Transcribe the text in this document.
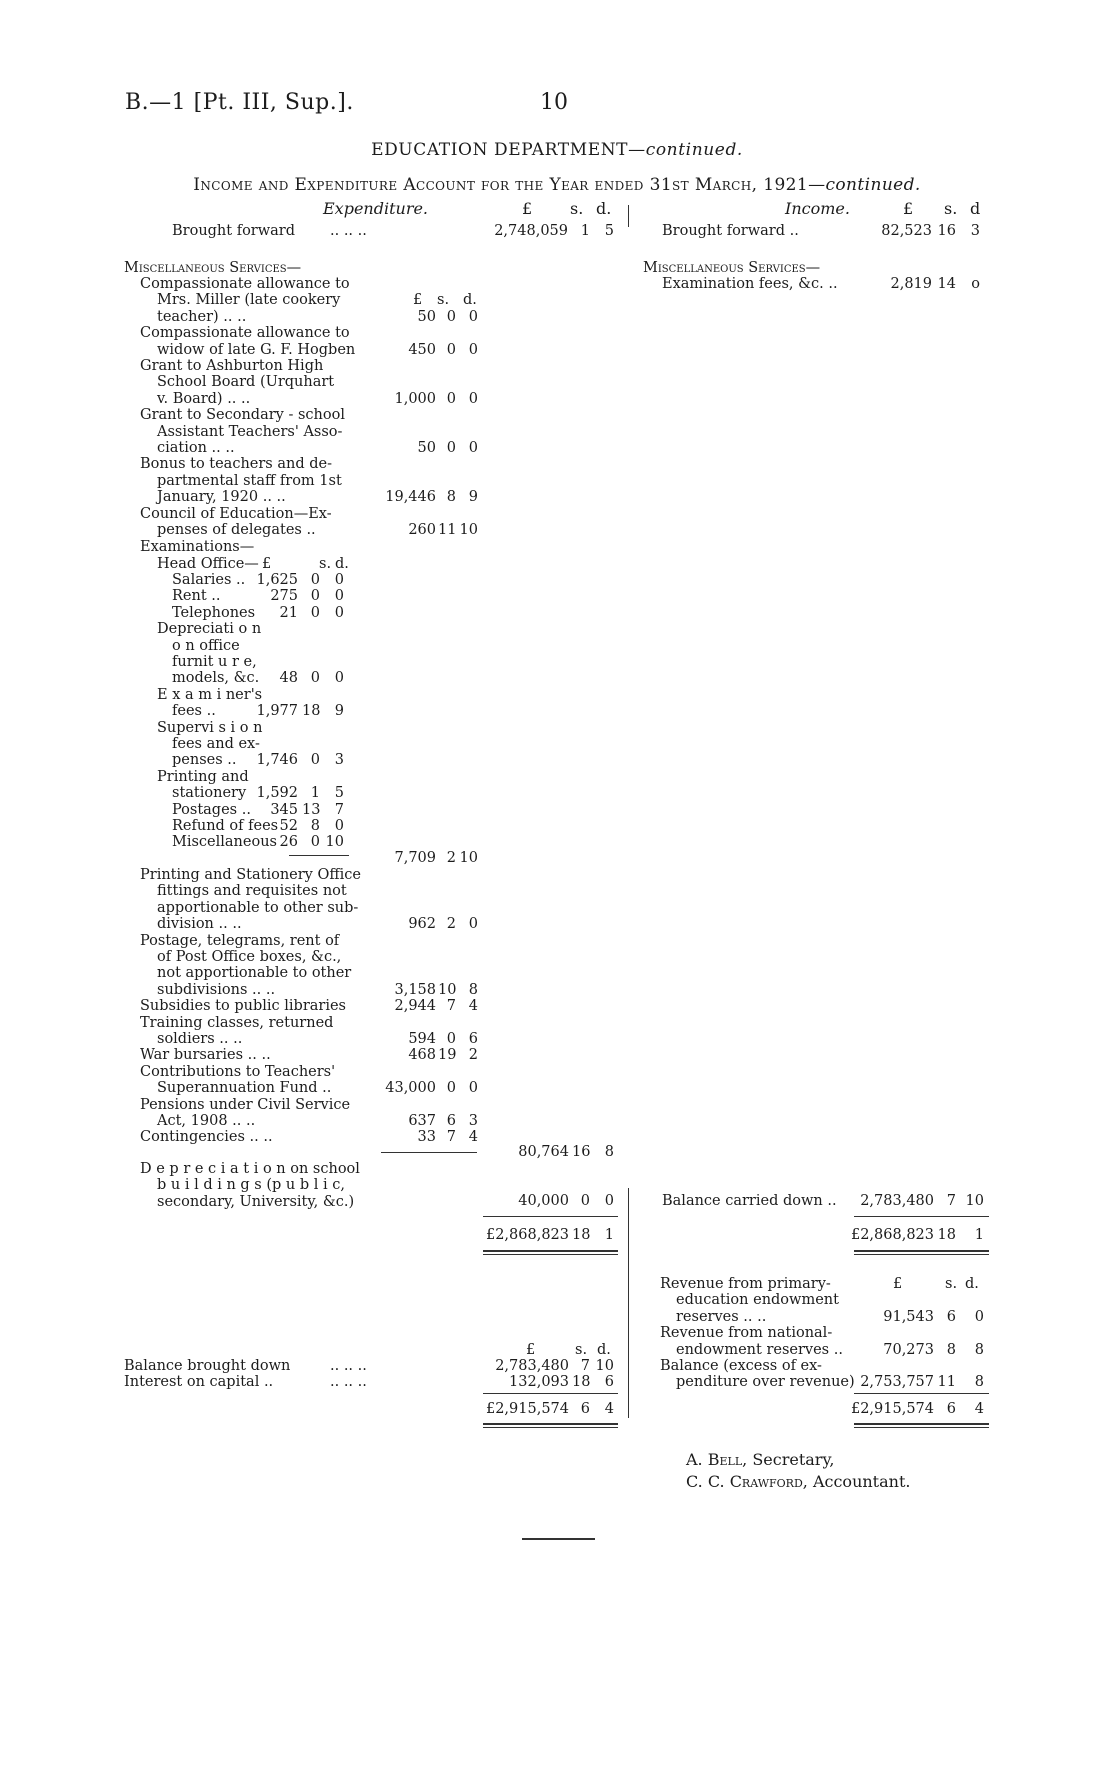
B.—1 [Pt. III, Sup.].	10
EDUCATION DEPARTMENT—continued.
Income and Expenditure Account for the Year ended 31st March, 1921—continued.
Expenditure.	£ s. d.	Income.	£ s. d
Brought forward .. .. ..	2,748,059 1	5	Brought forward ..	82,523 16	3
Miscellaneous Services—	Miscellaneous Services—
Examination fees, &c. ..	2,819 14	o
£ s. d.
Compassionate allowance to
Mrs. Miller (late cookery
teacher) .. ..	50 0 0
Compassionate allowance to
widow of late G. F. Hogben	450 0 0
Grant to Ashburton High
School Board (Urquhart
v. Board) .. ..	1,000 0 0
Grant to Secondary - school
Assistant Teachers' Asso-
ciation .. ..	50 0 0
Bonus to teachers and de-
partmental staff from 1st
January, 1920 .. ..	19,446 8 9
Council of Education—Ex-
penses of delegates ..	260 11 10
Examinations—
Head Office— £	s. d.
Salaries .. 1,625 0	0
Rent ..	275 0	0
Telephones	21 0	0
Depreciati o n
o n office
furnit u r e,
models, &c.	48 0	0
E x a m i ner's
fees ..	1,977 18 9
Supervi s i o n
fees and ex-
penses ..	1,746 0	3
Printing and
stationery 1,592 1	5
Postages ..	345 13 7
Refund of fees 52 8	0
Miscellaneous 26 0 10
7,709 2 10
Printing and Stationery Office
fittings and requisites not
apportionable to other sub-
division .. ..	962 2 0
Postage, telegrams, rent of
of Post Office boxes, &c.,
not apportionable to other
subdivisions .. ..	3,158 10 8
Subsidies to public libraries	2,944 7 4
Training classes, returned
soldiers .. ..	594 0 6
War bursaries .. ..	468 19 2
Contributions to Teachers'
Superannuation Fund ..	43,000 0 0
Pensions under Civil Service
Act, 1908 .. ..	637 6 3
Contingencies .. ..	33 7 4
80,764 16 8
D e p r e c i a t i o n on school
b u i l d i n g s (p u b l i c,
secondary, University, &c.)	40,000 0	0	Balance carried down ..	2,783,480 7 10
£2,868,823 18 1	£2,868,823 18	1
£	s. d.
Revenue from primary-
education endowment
reserves .. ..	91,543 6	0
Revenue from national-
endowment reserves ..	70,273 8	8
Balance (excess of ex-
penditure over revenue) 2,753,757 11	8
£	s. d.
Balance brought down	.. .. ..	2,783,480 7 10
Interest on capital ..	.. .. ..	132,093 18 6
£2,915,574 6	4	£2,915,574 6	4
A. Bell, Secretary,
C. C. Crawford, Accountant.
